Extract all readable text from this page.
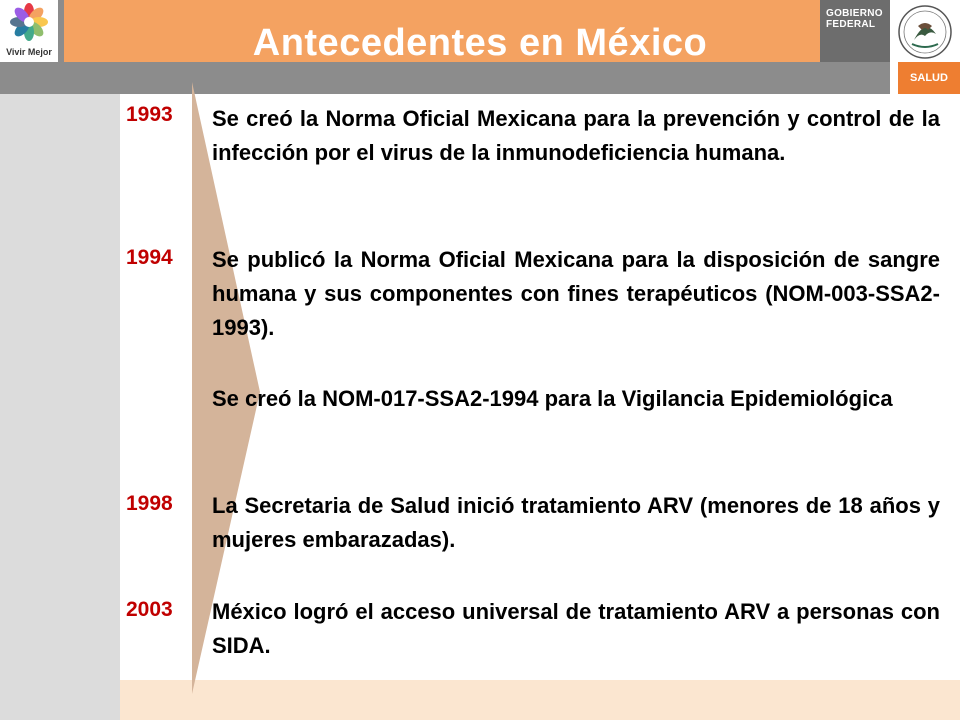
Vivir Mejor	Antecedentes en México
GOBIERNO
FEDERAL
SALUD
1993 Se creó la Norma Oficial Mexicana para la prevención y control de la infección por el virus de la inmunodeficiencia humana.
1994 Se publicó la Norma Oficial Mexicana para la disposición de sangre humana y sus componentes con fines terapéuticos (NOM-003-SSA2-1993).
Se creó la NOM-017-SSA2-1994 para la Vigilancia Epidemiológica
1998 La Secretaria de Salud inició tratamiento ARV (menores de 18 años y mujeres embarazadas).
2003 México logró el acceso universal de tratamiento ARV a personas con SIDA.
